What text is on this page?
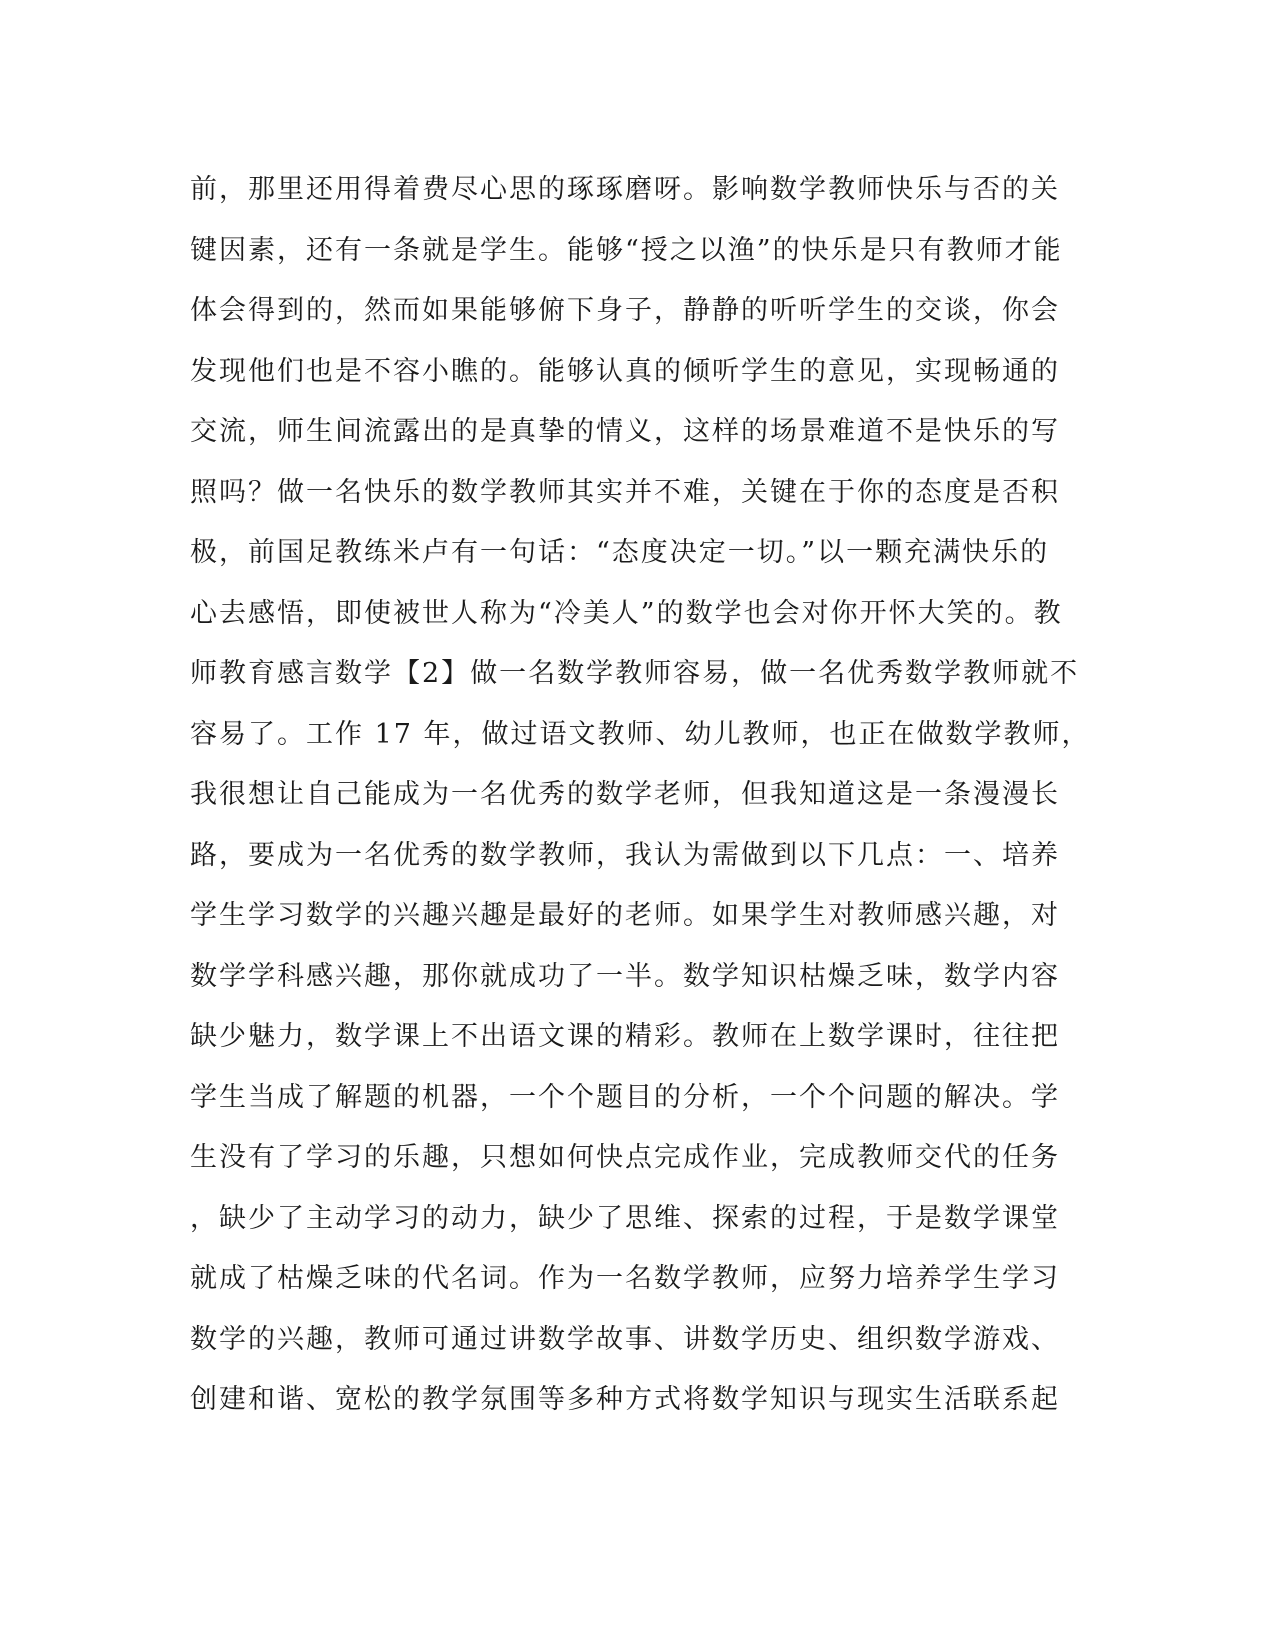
前，那里还用得着费尽心思的琢琢磨呀。影响数学教师快乐与否的关
键因素，还有一条就是学生。能够“授之以渔”的快乐是只有教师才能
体会得到的，然而如果能够俯下身子，静静的听听学生的交谈，你会
发现他们也是不容小瞧的。能够认真的倾听学生的意见，实现畅通的
交流，师生间流露出的是真挚的情义，这样的场景难道不是快乐的写
照吗？做一名快乐的数学教师其实并不难，关键在于你的态度是否积
极，前国足教练米卢有一句话：“态度决定一切。”以一颗充满快乐的
心去感悟，即使被世人称为“冷美人”的数学也会对你开怀大笑的。教
师教育感言数学【2】做一名数学教师容易，做一名优秀数学教师就不
容易了。工作 17 年，做过语文教师、幼儿教师，也正在做数学教师，
我很想让自己能成为一名优秀的数学老师，但我知道这是一条漫漫长
路，要成为一名优秀的数学教师，我认为需做到以下几点：一、培养
学生学习数学的兴趣兴趣是最好的老师。如果学生对教师感兴趣，对
数学学科感兴趣，那你就成功了一半。数学知识枯燥乏味，数学内容
缺少魅力，数学课上不出语文课的精彩。教师在上数学课时，往往把
学生当成了解题的机器，一个个题目的分析，一个个问题的解决。学
生没有了学习的乐趣，只想如何快点完成作业，完成教师交代的任务
，缺少了主动学习的动力，缺少了思维、探索的过程，于是数学课堂
就成了枯燥乏味的代名词。作为一名数学教师，应努力培养学生学习
数学的兴趣，教师可通过讲数学故事、讲数学历史、组织数学游戏、
创建和谐、宽松的教学氛围等多种方式将数学知识与现实生活联系起
